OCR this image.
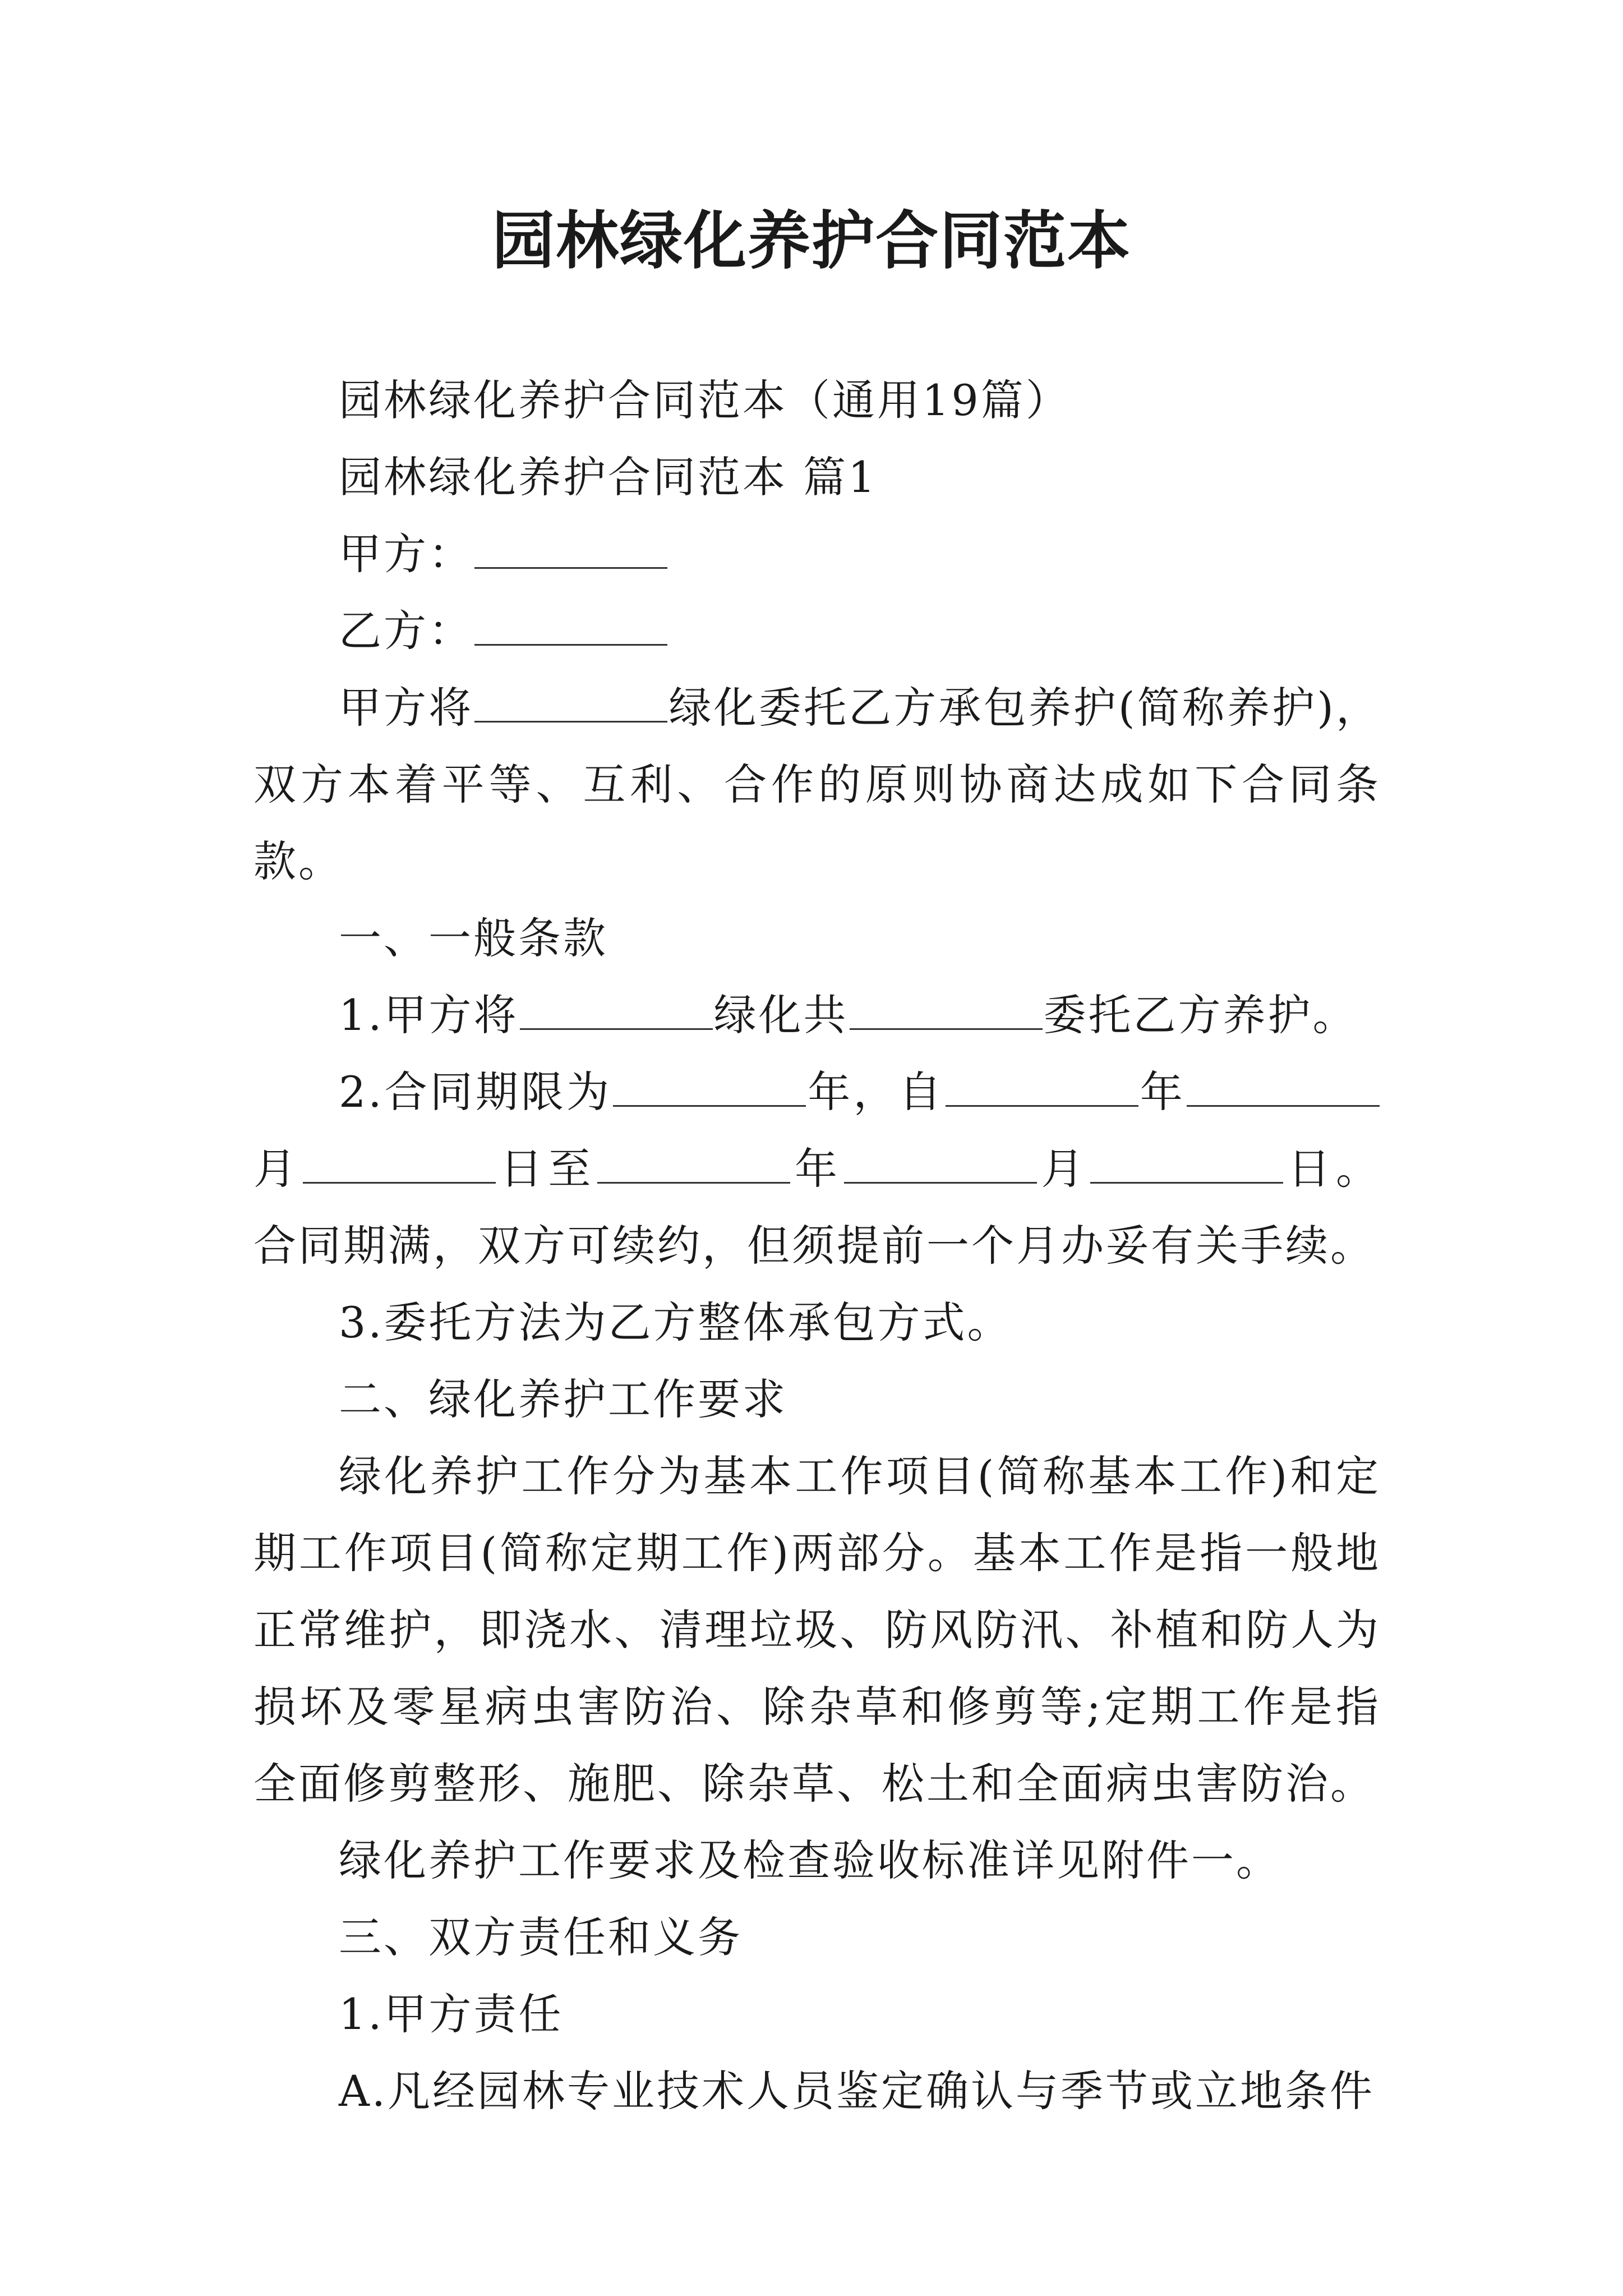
园林绿化养护合同范本

园林绿化养护合同范本（通用19篇）

园林绿化养护合同范本 篇1

甲方：

乙方：

甲方将	绿化委托乙方承包养护(简称养护)，双方本着平等、互利、合作的原则协商达成如下合同条款。

一、一般条款

1.甲方将	绿化共	委托乙方养护。

2.合同期限为	年，自	年月	日至	年	月	日。合同期满，双方可续约，但须提前一个月办妥有关手续。

3.委托方法为乙方整体承包方式。

二、绿化养护工作要求

绿化养护工作分为基本工作项目(简称基本工作)和定期工作项目(简称定期工作)两部分。基本工作是指一般地正常维护，即浇水、清理垃圾、防风防汛、补植和防人为损坏及零星病虫害防治、除杂草和修剪等;定期工作是指全面修剪整形、施肥、除杂草、松土和全面病虫害防治。

绿化养护工作要求及检查验收标准详见附件一。

三、双方责任和义务

1.甲方责任

A.凡经园林专业技术人员鉴定确认与季节或立地条件
